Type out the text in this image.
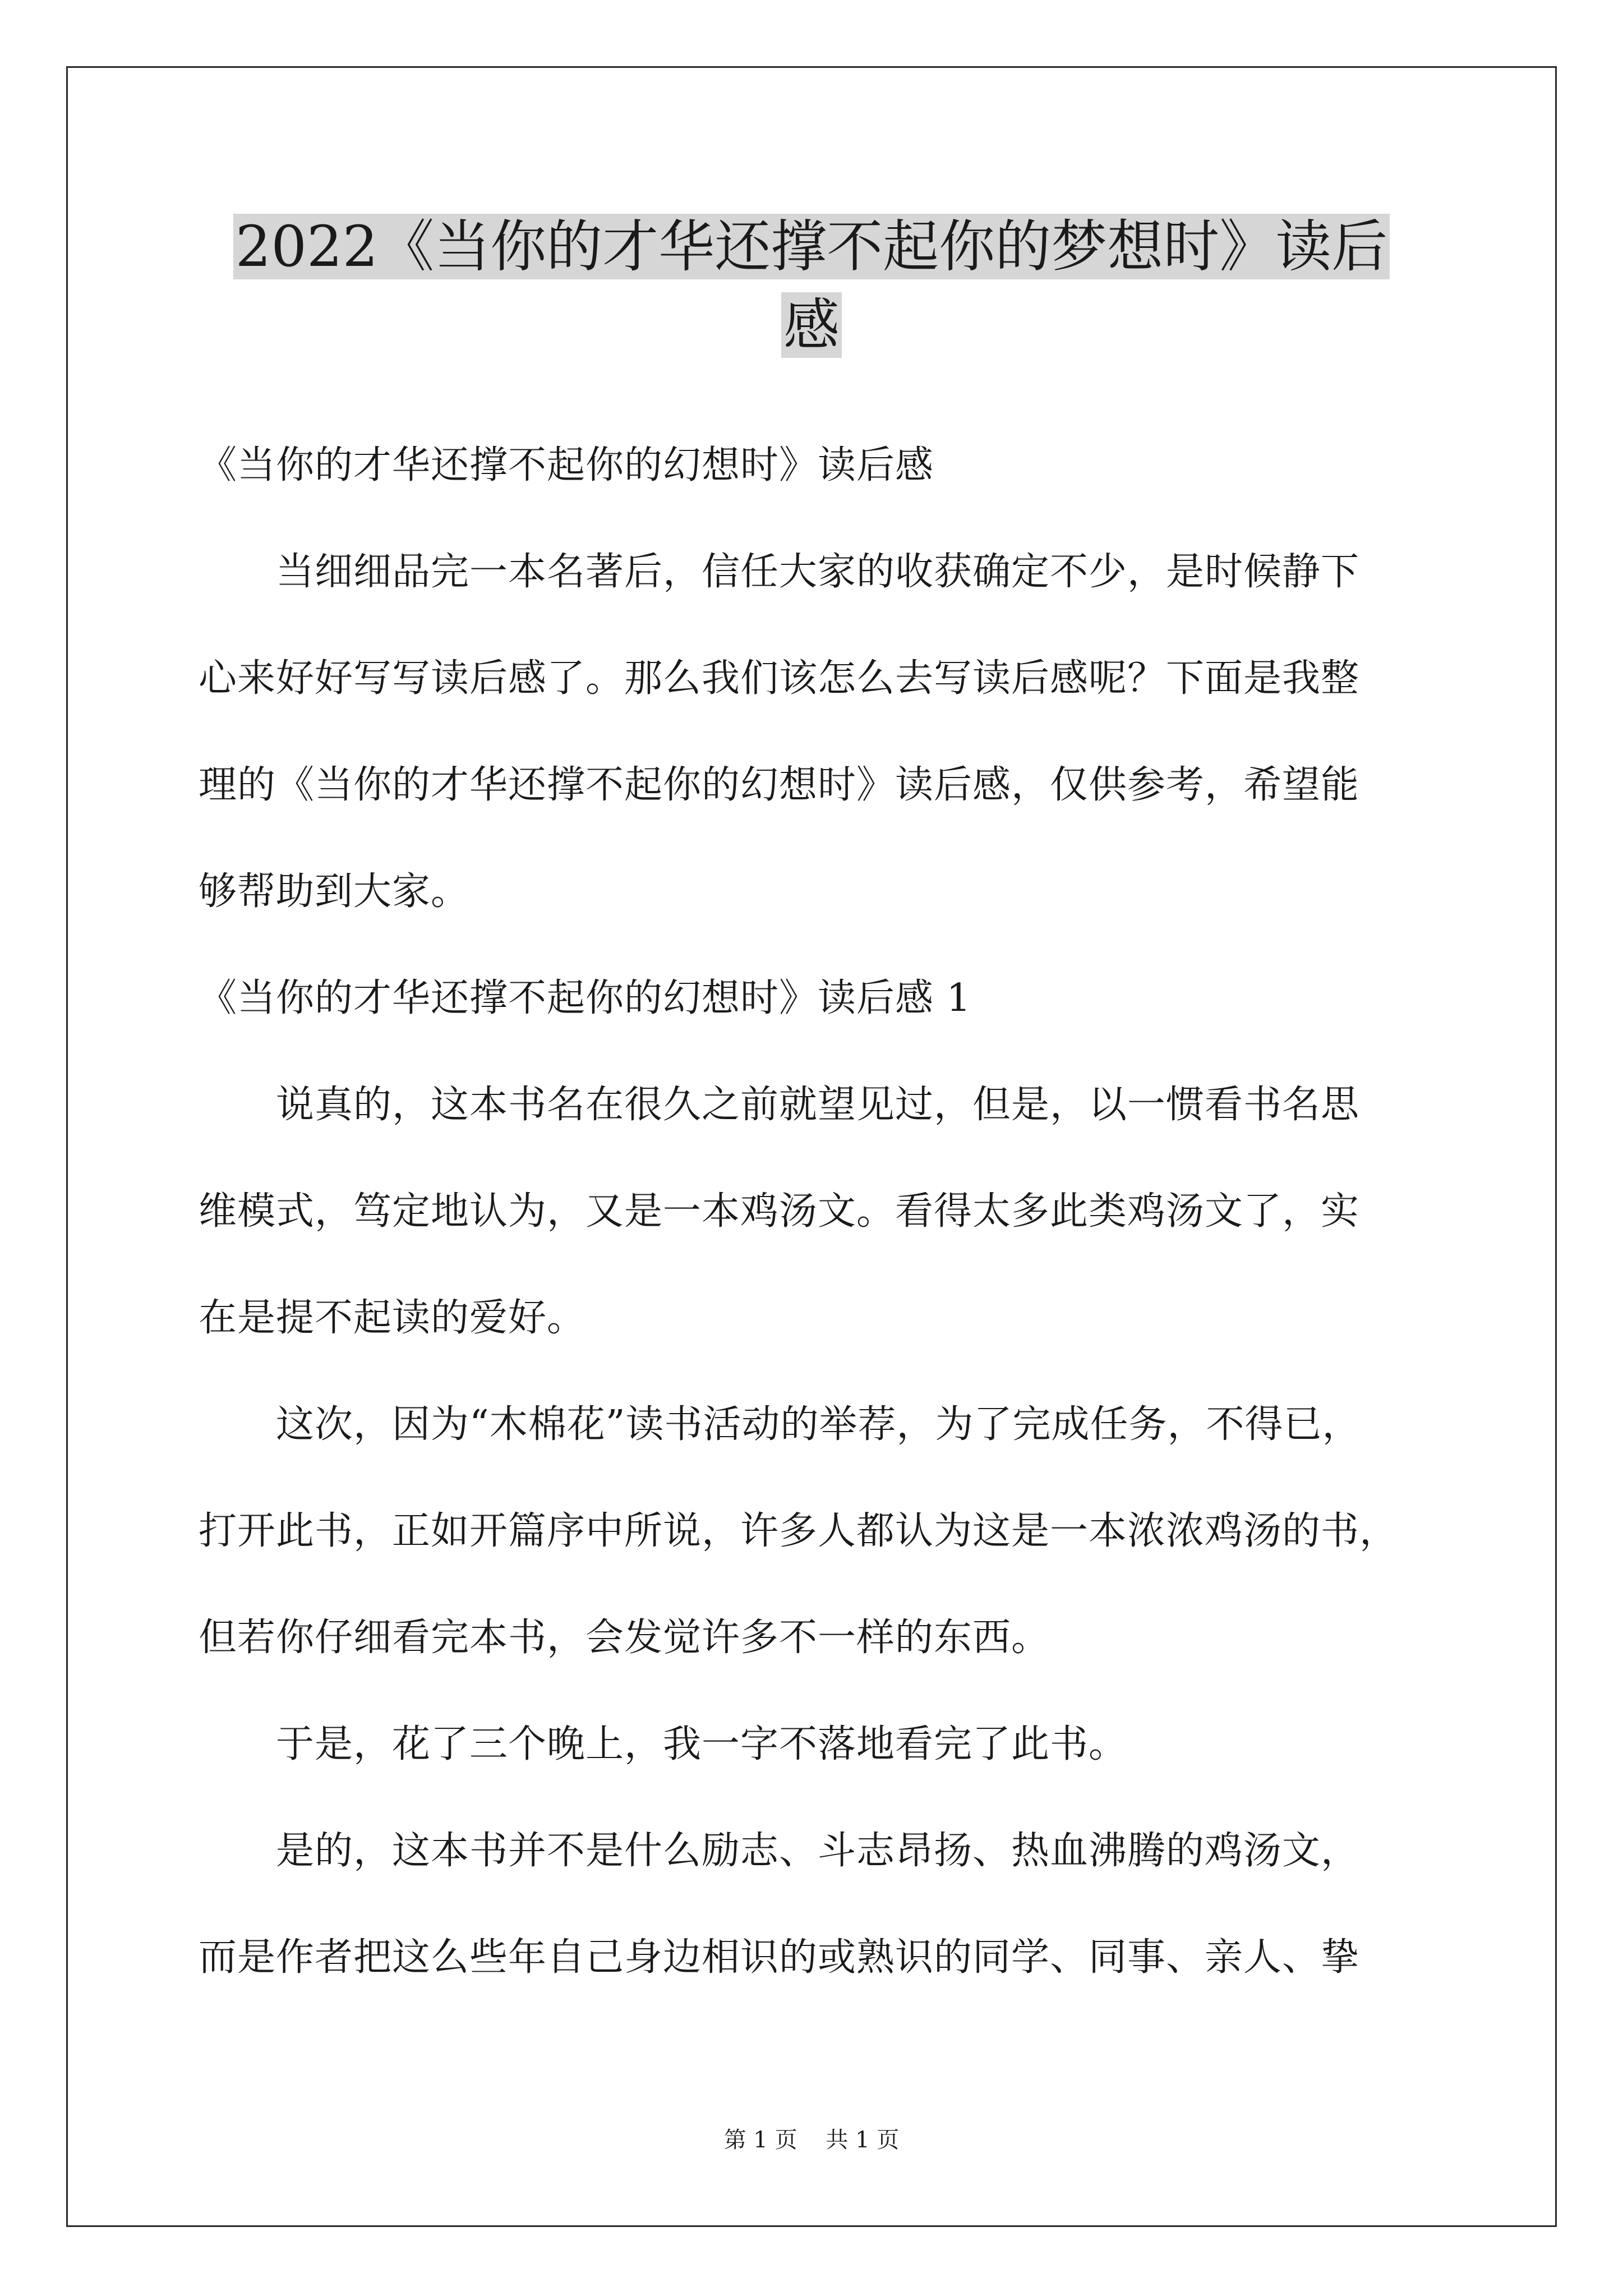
2022《当你的才华还撑不起你的梦想时》读后
感
《当你的才华还撑不起你的幻想时》读后感
　　当细细品完一本名著后，信任大家的收获确定不少，是时候静下
心来好好写写读后感了。那么我们该怎么去写读后感呢？下面是我整
理的《当你的才华还撑不起你的幻想时》读后感，仅供参考，希望能
够帮助到大家。
《当你的才华还撑不起你的幻想时》读后感 1
　　说真的，这本书名在很久之前就望见过，但是，以一惯看书名思
维模式，笃定地认为，又是一本鸡汤文。看得太多此类鸡汤文了，实
在是提不起读的爱好。
　　这次，因为“木棉花”读书活动的举荐，为了完成任务，不得已，
打开此书，正如开篇序中所说，许多人都认为这是一本浓浓鸡汤的书，
但若你仔细看完本书，会发觉许多不一样的东西。
　　于是，花了三个晚上，我一字不落地看完了此书。
　　是的，这本书并不是什么励志、斗志昂扬、热血沸腾的鸡汤文，
而是作者把这么些年自己身边相识的或熟识的同学、同事、亲人、挚
第 1 页    共 1 页
